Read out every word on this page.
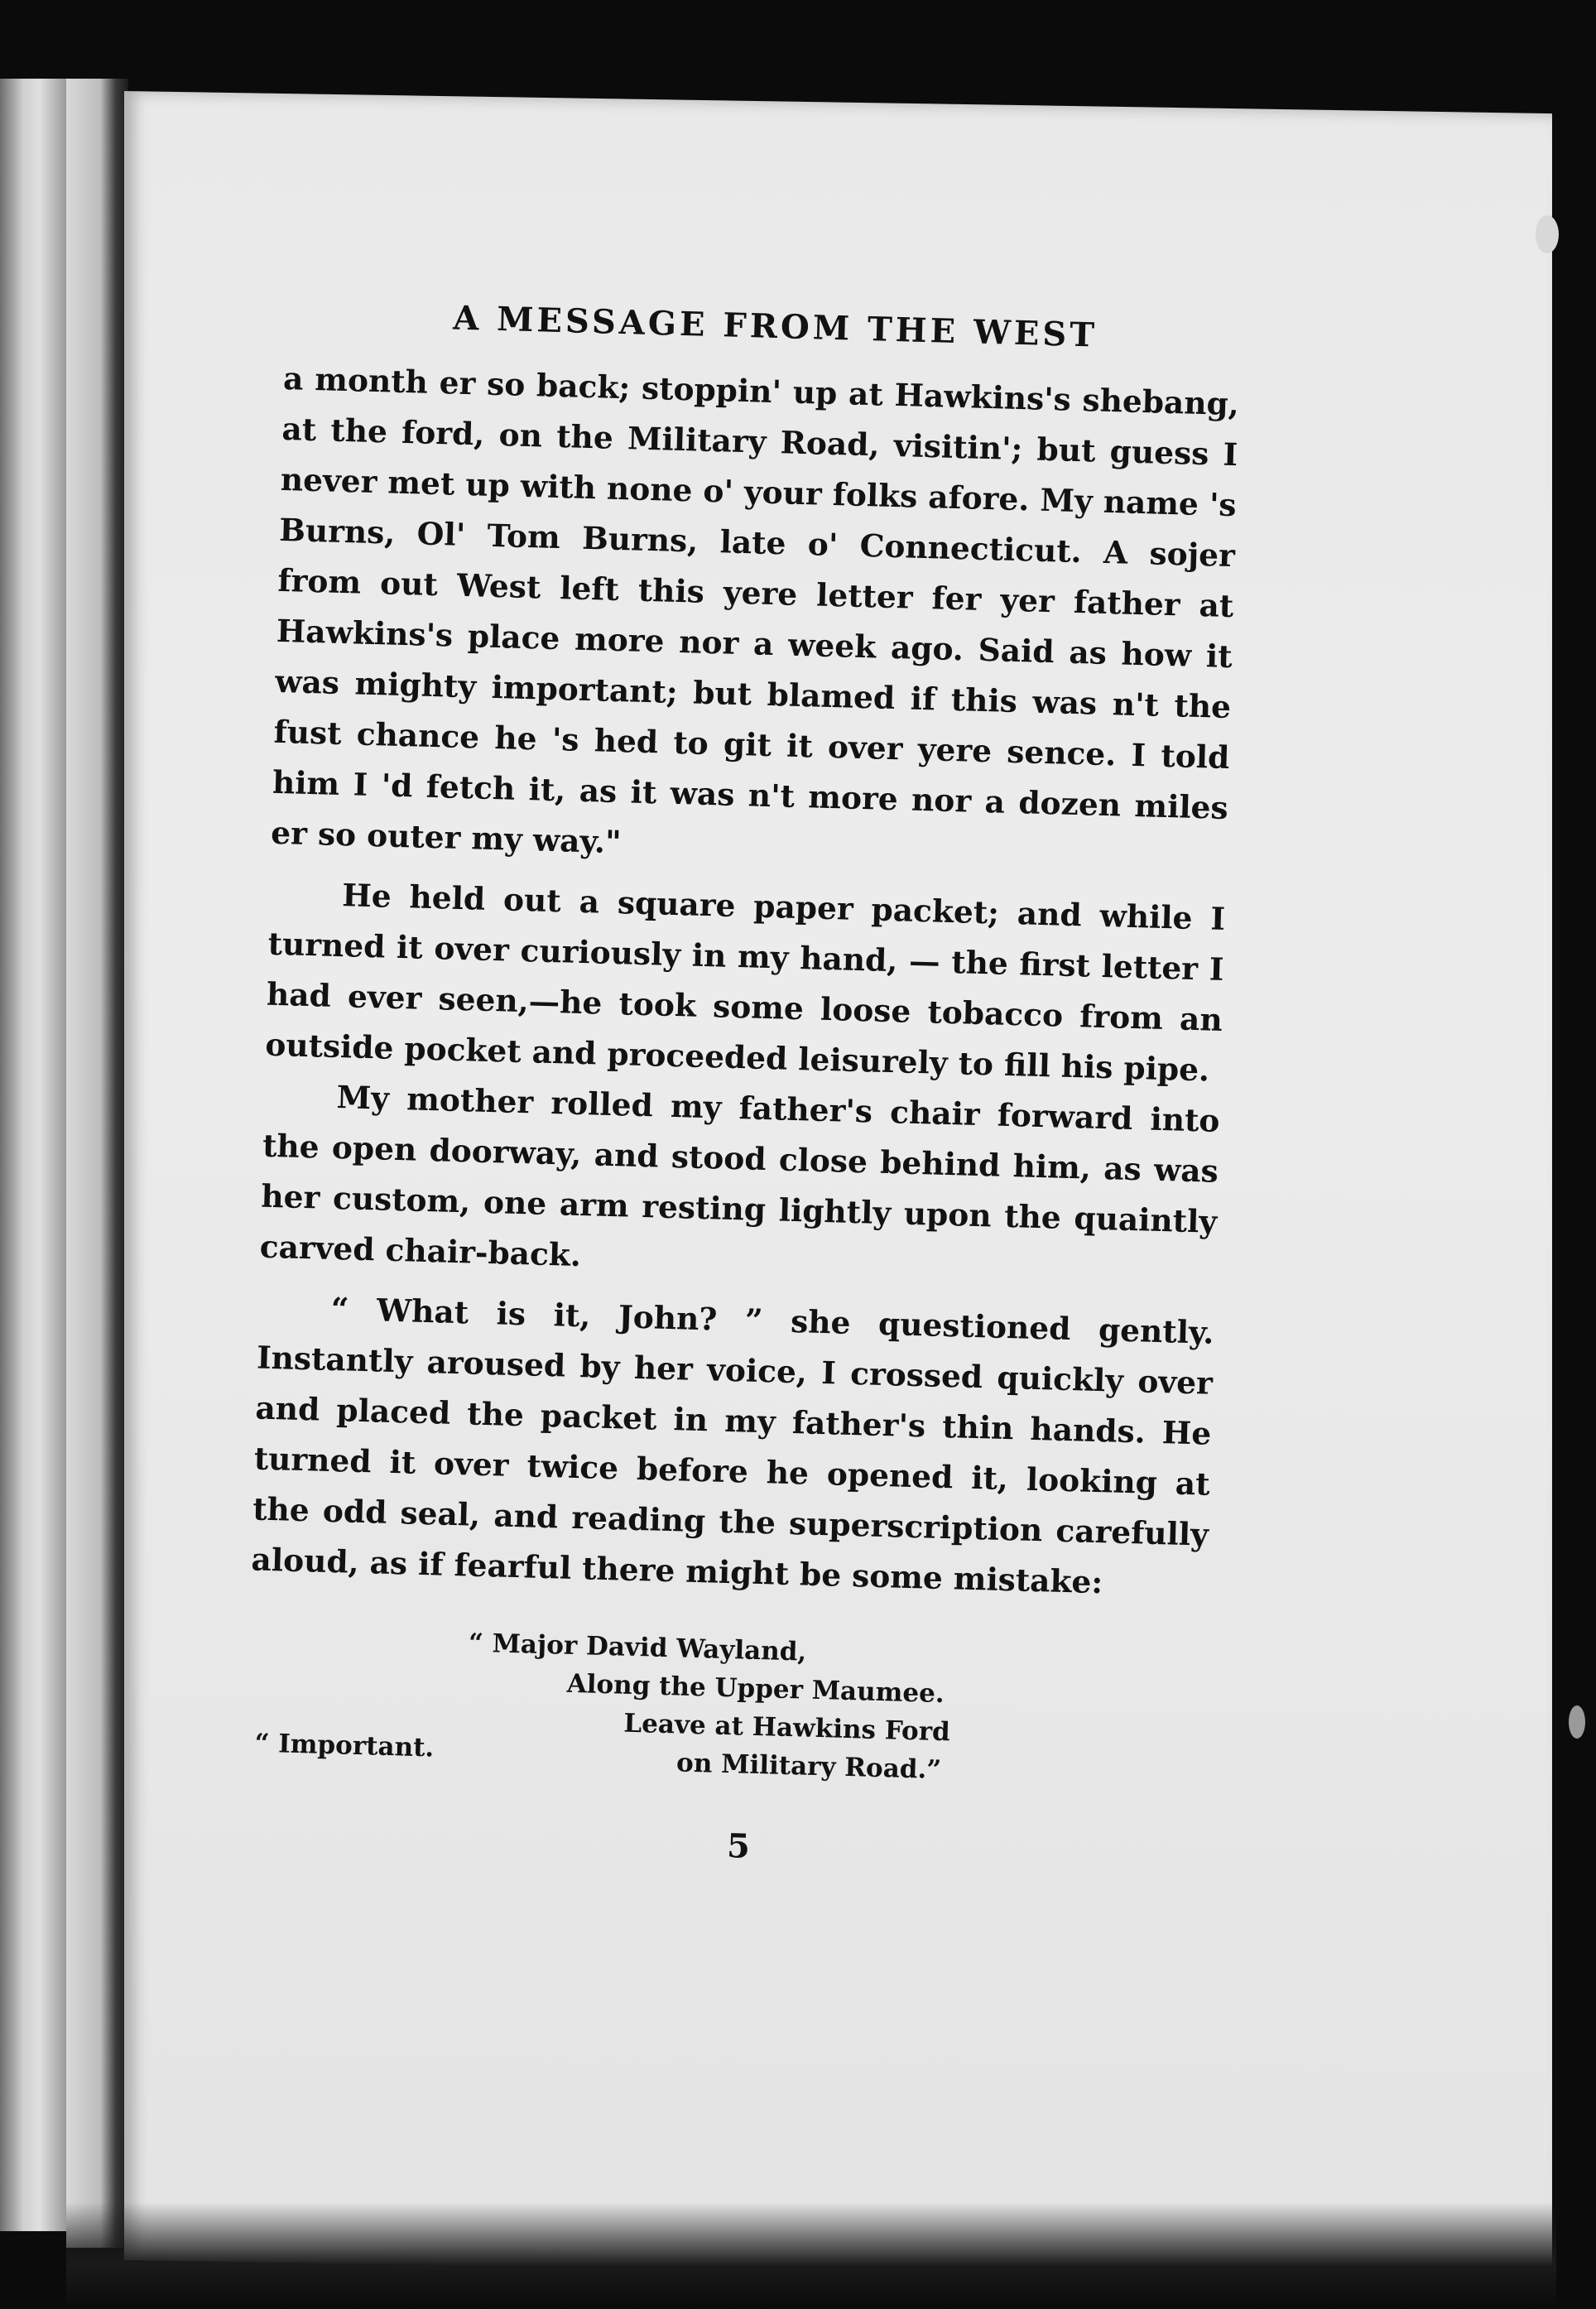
A MESSAGE FROM THE WEST

a month er so back; stoppin' up at Hawkins's shebang, at the ford, on the Military Road, visitin'; but guess I never met up with none o' your folks afore. My name 's Burns, Ol' Tom Burns, late o' Connecticut. A sojer from out West left this yere letter fer yer father at Hawkins's place more nor a week ago. Said as how it was mighty important; but blamed if this was n't the fust chance he 's hed to git it over yere sence. I told him I 'd fetch it, as it was n't more nor a dozen miles er so outer my way."

He held out a square paper packet; and while I turned it over curiously in my hand, — the first letter I had ever seen,—he took some loose tobacco from an outside pocket and proceeded leisurely to fill his pipe.

My mother rolled my father's chair forward into the open doorway, and stood close behind him, as was her custom, one arm resting lightly upon the quaintly carved chair-back.

“ What is it, John? ” she questioned gently. Instantly aroused by her voice, I crossed quickly over and placed the packet in my father's thin hands. He turned it over twice before he opened it, looking at the odd seal, and reading the superscription carefully aloud, as if fearful there might be some mistake:

“ Major David Wayland,
Along the Upper Maumee.
Leave at Hawkins Ford
on Military Road.”
“ Important.
5
